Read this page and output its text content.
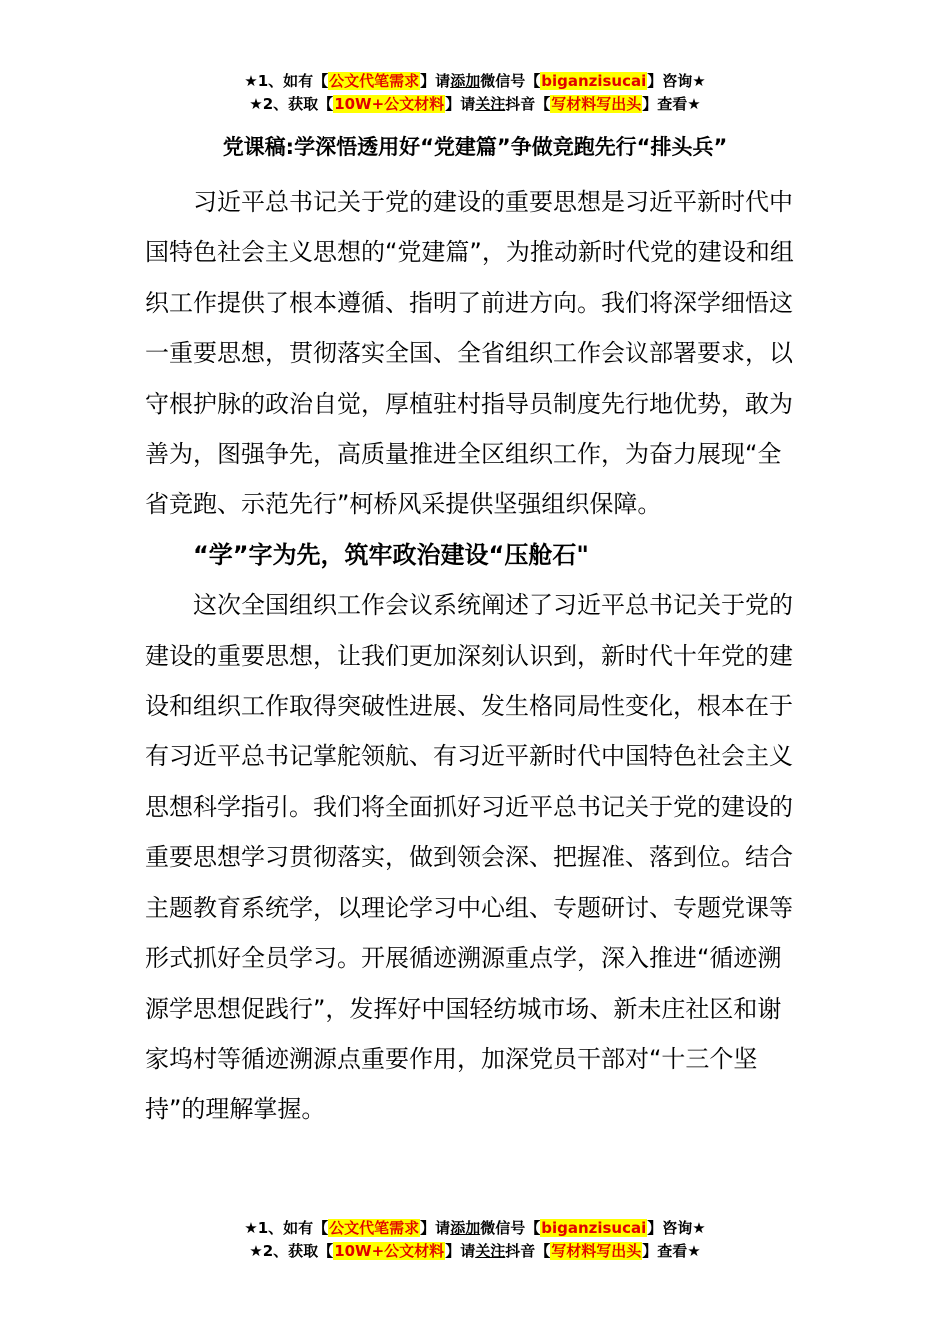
★1、如有【公文代笔需求】请添加微信号【biganzisucai】咨询★
★2、获取【10W+公文材料】请关注抖音【写材料写出头】查看★
党课稿:学深悟透用好“党建篇”争做竞跑先行“排头兵”

习近平总书记关于党的建设的重要思想是习近平新时代中国特色社会主义思想的“党建篇”，为推动新时代党的建设和组织工作提供了根本遵循、指明了前进方向。我们将深学细悟这一重要思想，贯彻落实全国、全省组织工作会议部署要求，以守根护脉的政治自觉，厚植驻村指导员制度先行地优势，敢为善为，图强争先，高质量推进全区组织工作，为奋力展现“全省竞跑、示范先行”柯桥风采提供坚强组织保障。

“学”字为先，筑牢政治建设“压舱石"

这次全国组织工作会议系统阐述了习近平总书记关于党的建设的重要思想，让我们更加深刻认识到，新时代十年党的建设和组织工作取得突破性进展、发生格同局性变化，根本在于有习近平总书记掌舵领航、有习近平新时代中国特色社会主义思想科学指引。我们将全面抓好习近平总书记关于党的建设的重要思想学习贯彻落实，做到领会深、把握准、落到位。结合主题教育系统学，以理论学习中心组、专题研讨、专题党课等形式抓好全员学习。开展循迹溯源重点学，深入推进“循迹溯源学思想促践行”，发挥好中国轻纺城市场、新未庄社区和谢家坞村等循迹溯源点重要作用，加深党员干部对“十三个坚持”的理解掌握。

★1、如有【公文代笔需求】请添加微信号【biganzisucai】咨询★
★2、获取【10W+公文材料】请关注抖音【写材料写出头】查看★
